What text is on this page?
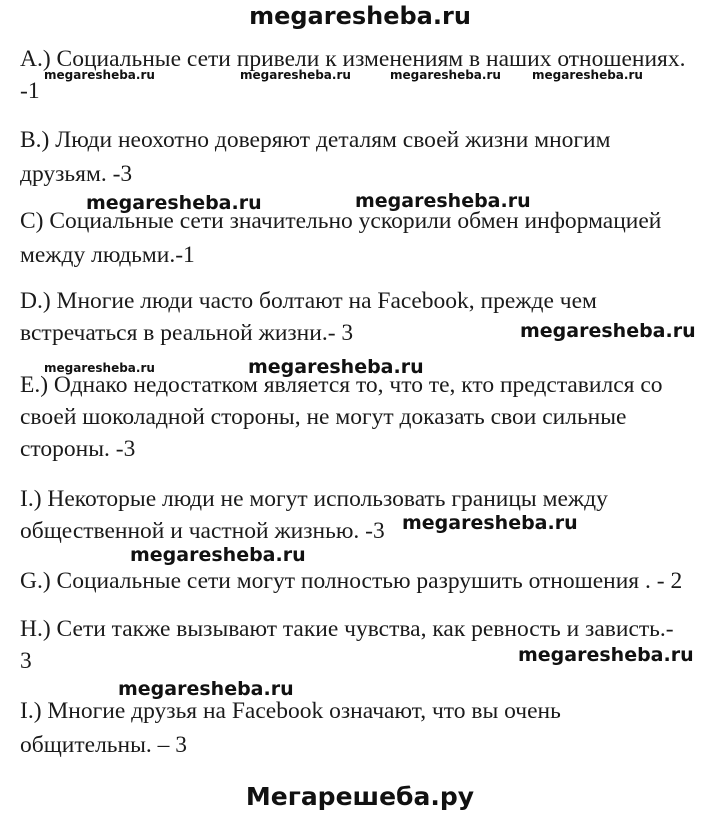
megaresheba.ru
A.) Социальные сети привели к изменениям в наших отношениях.
-1
B.) Люди неохотно доверяют деталям своей жизни многим
друзьям. -3
C) Социальные сети значительно ускорили обмен информацией
между людьми.-1
D.) Многие люди часто болтают на Facebook, прежде чем
встречаться в реальной жизни.- 3
E.) Однако недостатком является то, что те, кто представился со
своей шоколадной стороны, не могут доказать свои сильные
стороны. -3
I.) Некоторые люди не могут использовать границы между
общественной и частной жизнью. -3
G.) Социальные сети могут полностью разрушить отношения . - 2
H.) Сети также вызывают такие чувства, как ревность и зависть.-
3
I.) Многие друзья на Facebook означают, что вы очень
общительны. – 3
megaresheba.ru	megaresheba.ru	megaresheba.ru	megaresheba.ru
megaresheba.ru	megaresheba.ru
megaresheba.ru
megaresheba.ru	megaresheba.ru
megaresheba.ru
megaresheba.ru
megaresheba.ru
megaresheba.ru
Мегарешеба.ру
